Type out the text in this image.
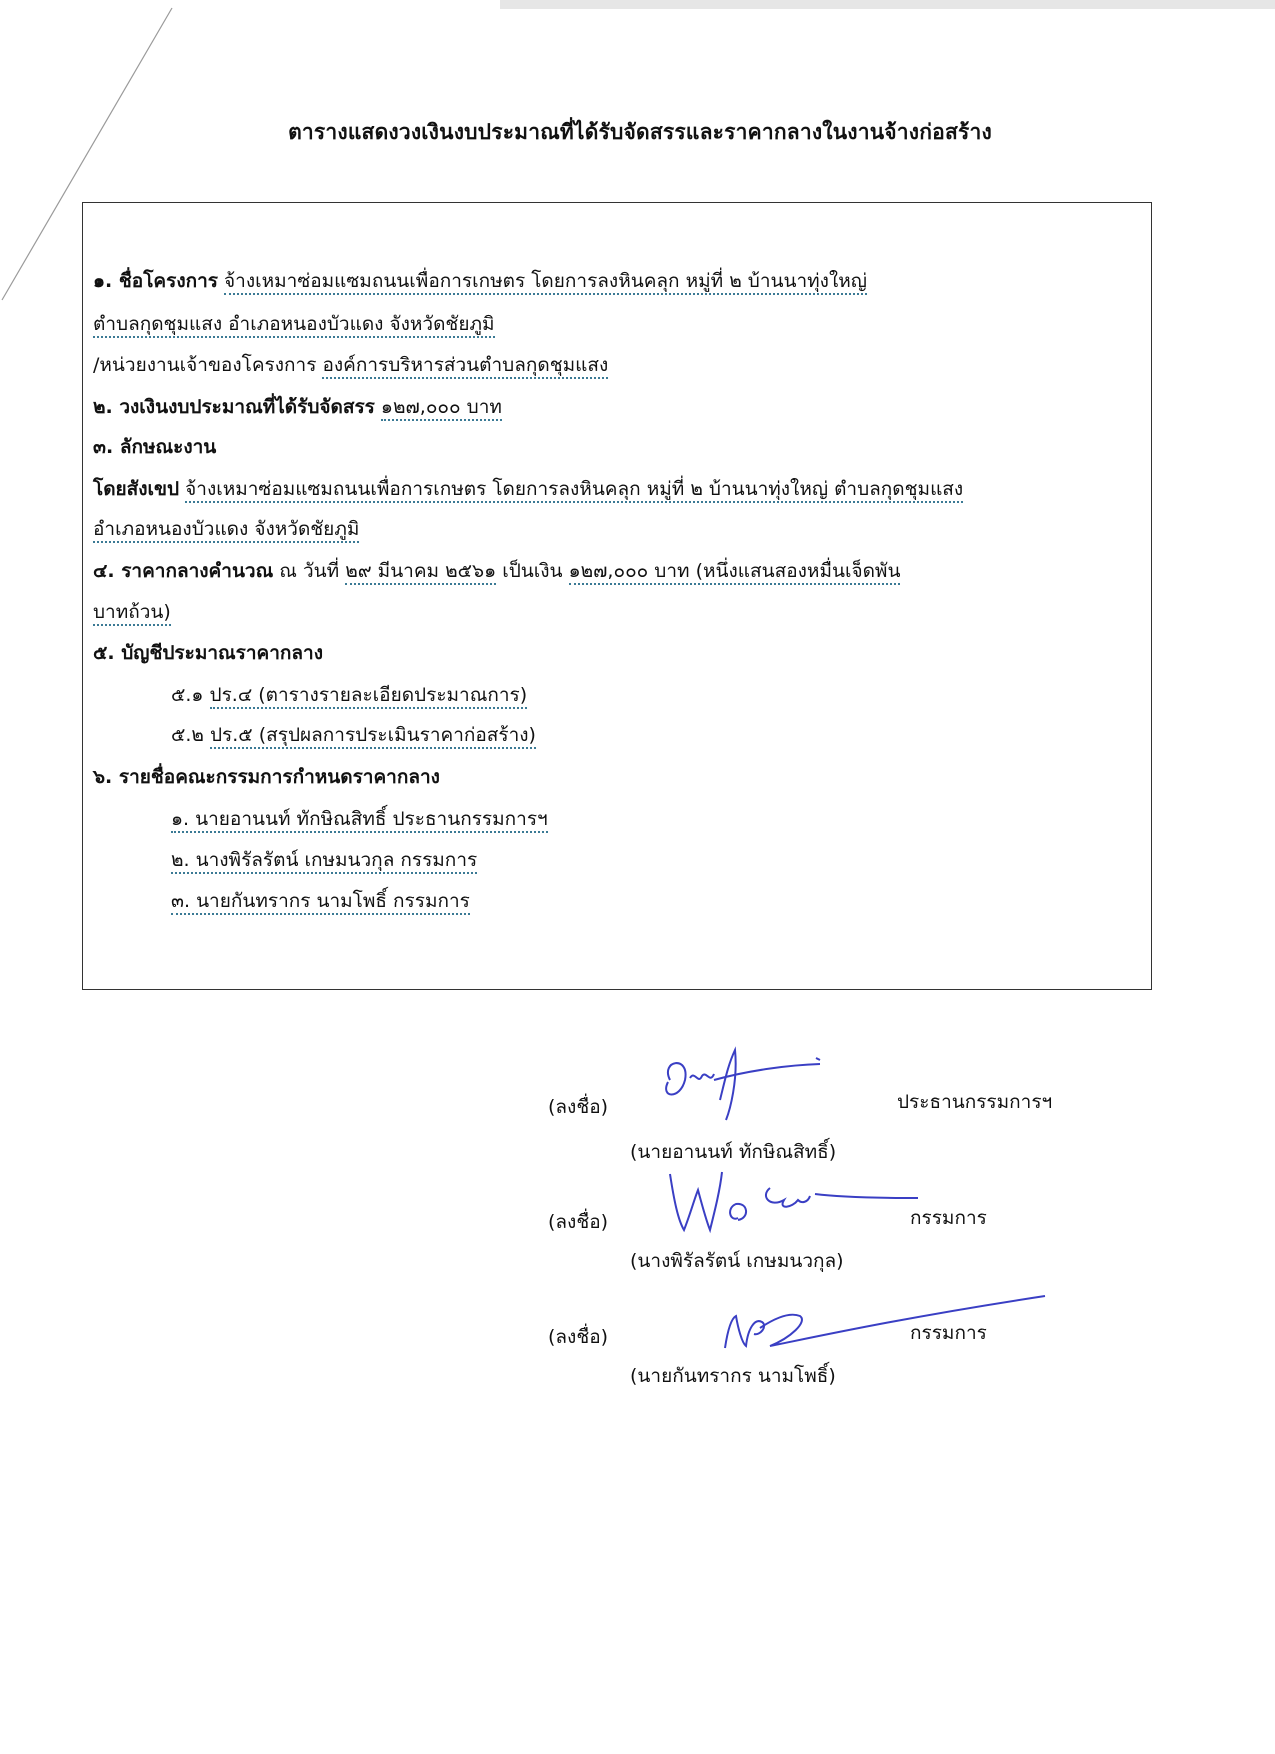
ตารางแสดงวงเงินงบประมาณที่ได้รับจัดสรรและราคากลางในงานจ้างก่อสร้าง
๑. ชื่อโครงการ จ้างเหมาซ่อมแซมถนนเพื่อการเกษตร โดยการลงหินคลุก หมู่ที่ ๒ บ้านนาทุ่งใหญ่
ตำบลกุดชุมแสง อำเภอหนองบัวแดง จังหวัดชัยภูมิ
/หน่วยงานเจ้าของโครงการ องค์การบริหารส่วนตำบลกุดชุมแสง
๒. วงเงินงบประมาณที่ได้รับจัดสรร ๑๒๗,๐๐๐ บาท
๓. ลักษณะงาน
โดยสังเขป จ้างเหมาซ่อมแซมถนนเพื่อการเกษตร โดยการลงหินคลุก หมู่ที่ ๒ บ้านนาทุ่งใหญ่ ตำบลกุดชุมแสง
อำเภอหนองบัวแดง จังหวัดชัยภูมิ
๔. ราคากลางคำนวณ ณ วันที่ ๒๙ มีนาคม ๒๕๖๑ เป็นเงิน ๑๒๗,๐๐๐ บาท (หนึ่งแสนสองหมื่นเจ็ดพัน
บาทถ้วน)
๕. บัญชีประมาณราคากลาง
๕.๑ ปร.๔ (ตารางรายละเอียดประมาณการ)
๕.๒ ปร.๕ (สรุปผลการประเมินราคาก่อสร้าง)
๖. รายชื่อคณะกรรมการกำหนดราคากลาง
๑. นายอานนท์ ทักษิณสิทธิ์ ประธานกรรมการฯ
๒. นางพิรัลรัตน์ เกษมนวกุล กรรมการ
๓. นายกันทรากร นามโพธิ์ กรรมการ
(ลงชื่อ)	ประธานกรรมการฯ
(นายอานนท์ ทักษิณสิทธิ์)
(ลงชื่อ)	กรรมการ
(นางพิรัลรัตน์ เกษมนวกุล)
(ลงชื่อ)	กรรมการ
(นายกันทรากร นามโพธิ์)
